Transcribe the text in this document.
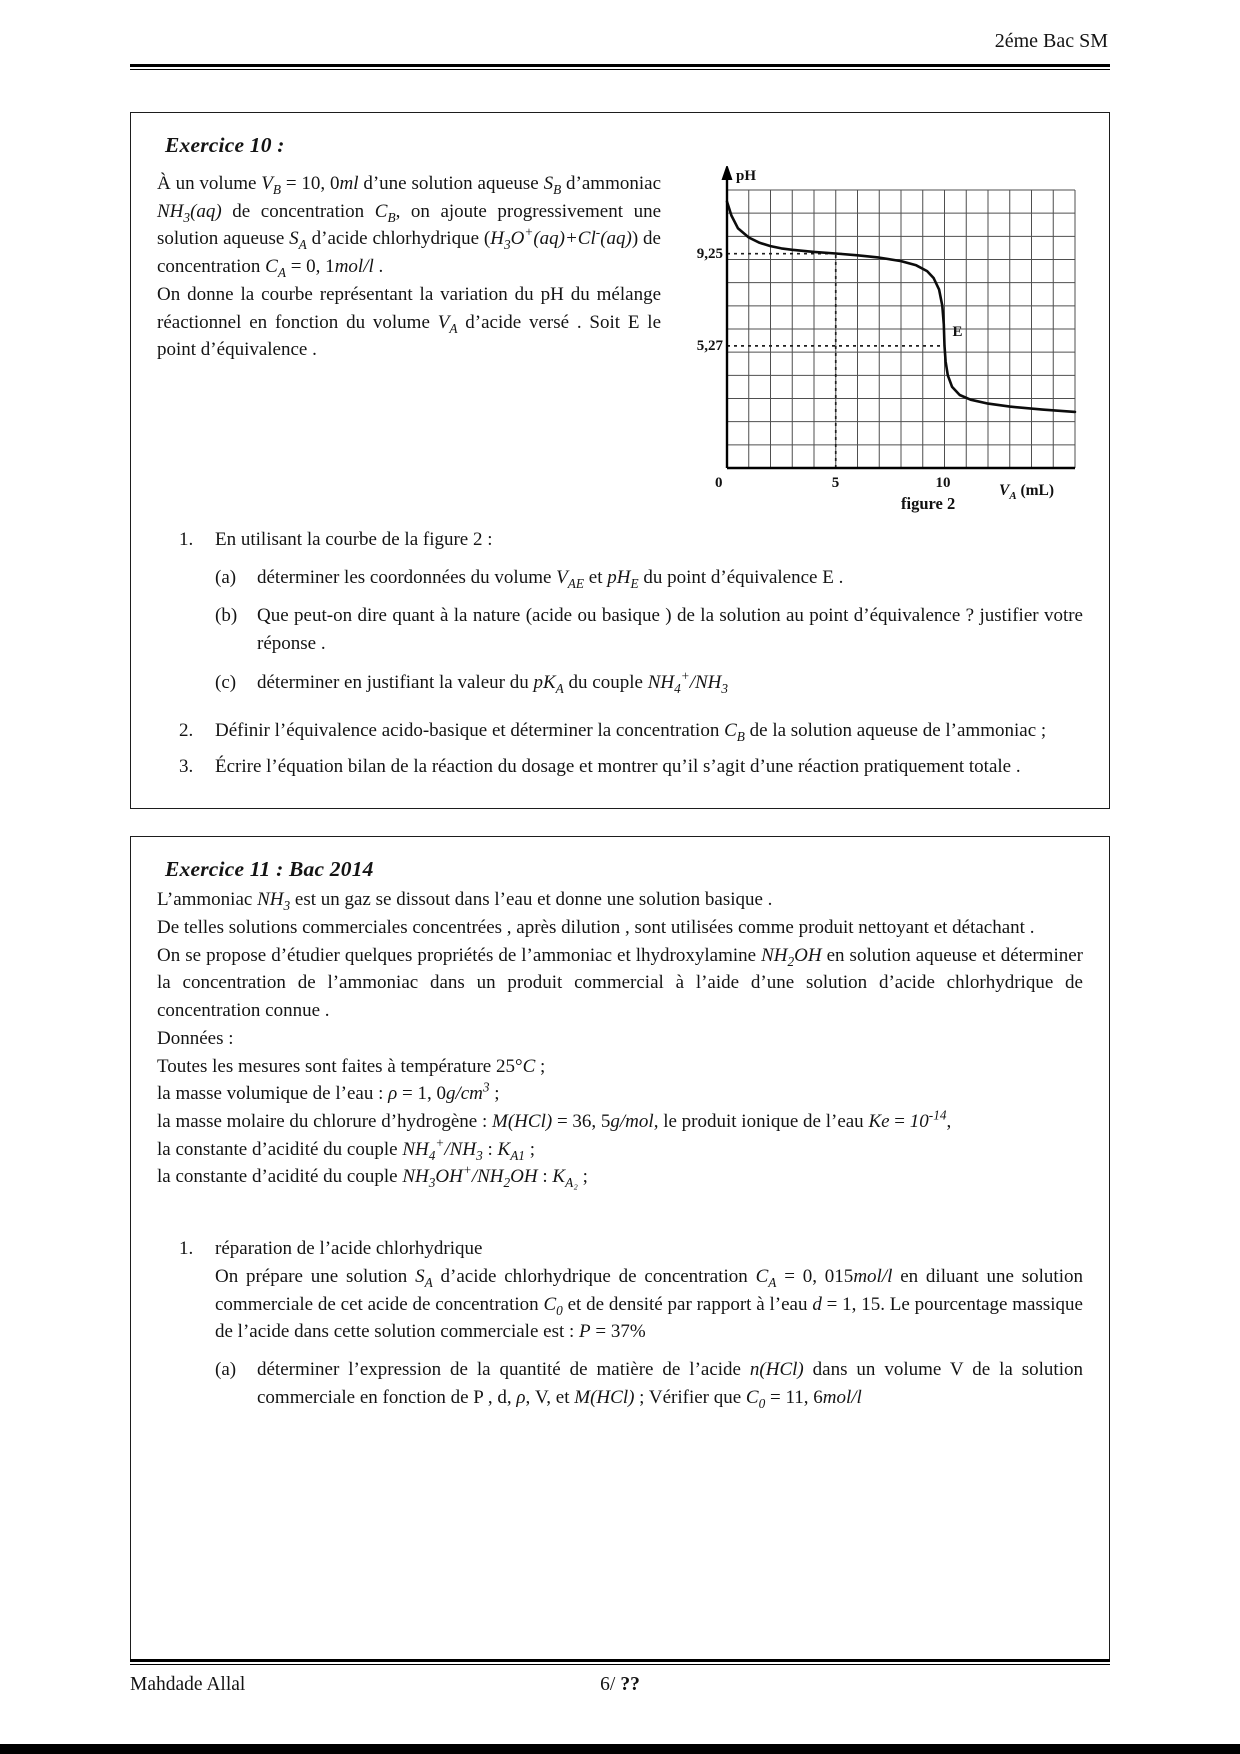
2éme Bac SM
Exercice 10 :
pH
9,25
5,27
0	5	10
E
figure 2
$V_A$ (mL)

À un volume $V_B = 10$, 0ml d’une solution aqueuse $S_B$ d’ammoniac $NH_3(aq)$ de concentration $C_B$, on ajoute progressivement une solution aqueuse $S_A$ d’acide chlorhydrique $(H_3O^+(aq)+Cl^-(aq))$ de concentration $C_A = 0$, 1mol/l .

On donne la courbe représentant la variation du pH du mélange réactionnel en fonction du volume $V_A$ d’acide versé . Soit E le point d’équivalence .

1.	En utilisant la courbe de la figure 2 :
(a)	déterminer les coordonnées du volume $V_{AE}$ et $pH_E$ du point d’équivalence E .
(b)	Que peut-on dire quant à la nature (acide ou basique ) de la solution au point d’équivalence ? justifier votre réponse .
(c)	déterminer en justifiant la valeur du $pK_A$ du couple $NH_4^+/NH_3$
2.	Définir l’équivalence acido-basique et déterminer la concentration $C_B$ de la solution aqueuse de l’ammoniac ;
3.	Écrire l’équation bilan de la réaction du dosage et montrer qu’il s’agit d’une réaction pratiquement totale .
Exercice 11 : Bac 2014
L’ammoniac $NH_3$ est un gaz se dissout dans l’eau et donne une solution basique .
De telles solutions commerciales concentrées , après dilution , sont utilisées comme produit nettoyant et détachant .
On se propose d’étudier quelques propriétés de l’ammoniac et lhydroxylamine $NH_2OH$ en solution aqueuse et déterminer la concentration de l’ammoniac dans un produit commercial à l’aide d’une solution d’acide chlorhydrique de concentration connue .
Données :
Toutes les mesures sont faites à température 25°C ;
la masse volumique de l’eau : ρ = 1, $0g/cm^3$ ;
la masse molaire du chlorure d’hydrogène : M(HCl) = 36, 5g/mol, le produit ionique de l’eau $Ke = 10^{-14}$,
la constante d’acidité du couple $NH_4^+/NH_3$ : $K_{A1}$ ;
la constante d’acidité du couple $NH_3OH^+/NH_2OH$ : $K_{A_2}$ ;
1.	réparation de l’acide chlorhydrique
On prépare une solution $S_A$ d’acide chlorhydrique de concentration $C_A = 0$, 015mol/l en diluant une solution commerciale de cet acide de concentration $C_0$ et de densité par rapport à l’eau d = 1, 15. Le pourcentage massique de l’acide dans cette solution commerciale est : P = 37%
(a)	déterminer l’expression de la quantité de matière de l’acide n(HCl) dans un volume V de la solution commerciale en fonction de P , d, ρ, V, et M(HCl) ; Vérifier que $C_0 = 11$, 6mol/l
Mahdade Allal	6/ ??
